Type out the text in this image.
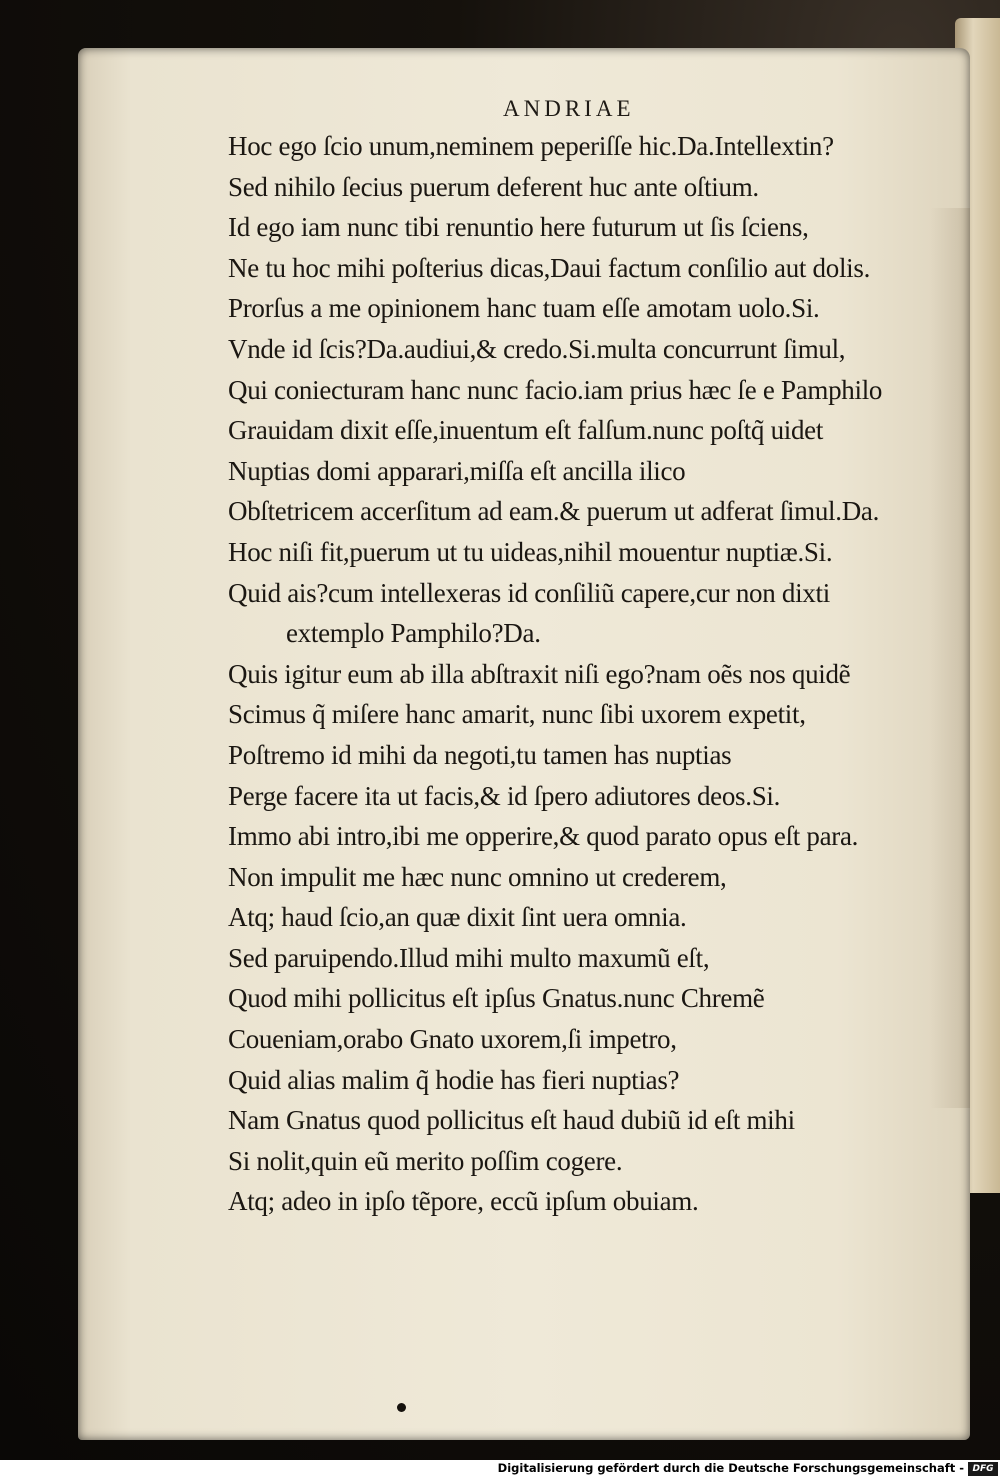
ANDRIAE
Hoc ego ſcio unum,neminem peperiſſe hic.Da.Intellextin?
Sed nihilo ſecius puerum deferent huc ante oſtium.
Id ego iam nunc tibi renuntio here futurum ut ſis ſciens,
Ne tu hoc mihi poſterius dicas,Daui factum conſilio aut dolis.
Prorſus a me opinionem hanc tuam eſſe amotam uolo.Si.
Vnde id ſcis?Da.audiui,& credo.Si.multa concurrunt ſimul,
Qui coniecturam hanc nunc facio.iam prius hæc ſe e Pamphilo
Grauidam dixit eſſe,inuentum eſt falſum.nunc poſtq̃ uidet
Nuptias domi apparari,miſſa eſt ancilla ilico
Obſtetricem accerſitum ad eam.& puerum ut adferat ſimul.Da.
Hoc niſi fit,puerum ut tu uideas,nihil mouentur nuptiæ.Si.
Quid ais?cum intellexeras id conſiliũ capere,cur non dixti
extemplo Pamphilo?Da.
Quis igitur eum ab illa abſtraxit niſi ego?nam oẽs nos quidẽ
Scimus q̃ miſere hanc amarit, nunc ſibi uxorem expetit,
Poſtremo id mihi da negoti,tu tamen has nuptias
Perge facere ita ut facis,& id ſpero adiutores deos.Si.
Immo abi intro,ibi me opperire,& quod parato opus eſt para.
Non impulit me hæc nunc omnino ut crederem,
Atq; haud ſcio,an quæ dixit ſint uera omnia.
Sed paruipendo.Illud mihi multo maxumũ eſt,
Quod mihi pollicitus eſt ipſus Gnatus.nunc Chremẽ
Coueniam,orabo Gnato uxorem,ſi impetro,
Quid alias malim q̃ hodie has fieri nuptias?
Nam Gnatus quod pollicitus eſt haud dubiũ id eſt mihi
Si nolit,quin eũ merito poſſim cogere.
Atq; adeo in ipſo tẽpore, eccũ ipſum obuiam.
Digitalisierung gefördert durch die Deutsche Forschungsgemeinschaft - DFG
